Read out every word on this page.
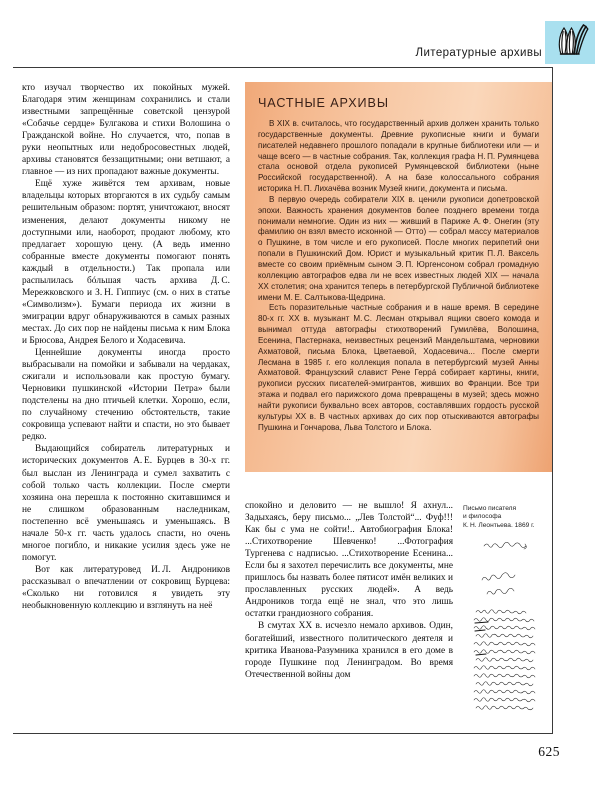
Литературные архивы

кто изучал творчество их покойных мужей. Благодаря этим женщинам сохранились и стали известными запрещённые советской цензурой «Собачье сердце» Булгакова и стихи Волошина о Гражданской войне. Но случается, что, попав в руки неопытных или недобросовестных людей, архивы становятся беззащитными; они ветшают, а главное — из них пропадают важные документы.

Ещё хуже живётся тем архивам, новые владельцы которых вторгаются в их судьбу самым решительным образом: портят, уничтожают, вносят изменения, делают документы никому не доступными или, наоборот, продают любому, кто предлагает хорошую цену. (А ведь именно собранные вместе документы помогают понять каждый в отдельности.) Так пропала или распылилась бóльшая часть архива Д. С. Мережковского и З. Н. Гиппиус (см. о них в статье «Символизм»). Бумаги периода их жизни в эмиграции вдруг обнаруживаются в самых разных местах. До сих пор не найдены письма к ним Блока и Брюсова, Андрея Белого и Ходасевича.

Ценнейшие документы иногда просто выбрасывали на помойки и забывали на чердаках, сжигали и использовали как простую бумагу. Черновики пушкинской «Истории Петра» были подстелены на дно птичьей клетки. Хорошо, если, по случайному стечению обстоятельств, такие сокровища успевают найти и спасти, но это бывает редко.

Выдающийся собиратель литературных и исторических документов А. Е. Бурцев в 30-х гг. был выслан из Ленинграда и сумел захватить с собой только часть коллекции. После смерти хозяина она перешла к постоянно скитавшимся и не слишком образованным наследникам, постепенно всё уменьшаясь и уменьшаясь. В начале 50-х гг. часть удалось спасти, но очень многое погибло, и никакие усилия здесь уже не помогут.

Вот как литературовед И. Л. Андроников рассказывал о впечатлении от сокровищ Бурцева: «Сколько ни готовился я увидеть эту необыкновенную коллекцию и взглянуть на неё

ЧАСТНЫЕ АРХИВЫ

В XIX в. считалось, что государственный архив должен хранить только государственные документы. Древние рукописные книги и бумаги писателей недавнего прошлого попадали в крупные библиотеки или — и чаще всего — в частные собрания. Так, коллекция графа Н. П. Румянцева стала основой отдела рукописей Румянцевской библиотеки (ныне Российской государственной). А на базе колоссального собрания историка Н. П. Лихачёва возник Музей книги, документа и письма.

В первую очередь собиратели XIX в. ценили рукописи допетровской эпохи. Важность хранения документов более позднего времени тогда понимали немногие. Один из них — живший в Париже А. Ф. Онегин (эту фамилию он взял вместо исконной — Отто) — собрал массу материалов о Пушкине, в том числе и его рукописей. После многих перипетий они попали в Пушкинский Дом. Юрист и музыкальный критик П. Л. Ваксель вместе со своим приёмным сыном Э. П. Юргенсоном собрал громадную коллекцию автографов едва ли не всех известных людей XIX — начала XX столетия; она хранится теперь в петербургской Публичной библиотеке имени М. Е. Салтыкова-Щедрина.

Есть поразительные частные собрания и в наше время. В середине 80-х гг. XX в. музыкант М. С. Лесман открывал ящики своего комода и вынимал оттуда автографы стихотворений Гумилёва, Волошина, Есенина, Пастернака, неизвестных рецензий Мандельштама, черновики Ахматовой, письма Блока, Цветаевой, Ходасевича... После смерти Лесмана в 1985 г. его коллекция попала в петербургский музей Анны Ахматовой. Французский славист Рене Геррá собирает картины, книги, рукописи русских писателей-эмигрантов, живших во Франции. Все три этажа и подвал его парижского дома превращены в музей; здесь можно найти рукописи буквально всех авторов, составлявших гордость русской культуры XX в. В частных архивах до сих пор отыскиваются автографы Пушкина и Гончарова, Льва Толстого и Блока.

спокойно и деловито — не вышло! Я ахнул... Задыхаясь, беру письмо... „Лев Толстой“... Фуф!!! Как бы с ума не сойти!.. Автобиография Блока! ...Стихотворение Шевченко! ...Фотография Тургенева с надписью. ...Стихотворение Есенина... Если бы я захотел перечислить все документы, мне пришлось бы назвать более пятисот имён великих и прославленных русских людей». А ведь Андроников тогда ещё не знал, что это лишь остатки грандиозного собрания.

В смутах XX в. исчезло немало архивов. Один, богатейший, известного политического деятеля и критика Иванова-Разумника хранился в его доме в городе Пушкине под Ленинградом. Во время Отечественной войны дом

Письмо писателя
и философа
К. Н. Леонтьева. 1869 г.
625
